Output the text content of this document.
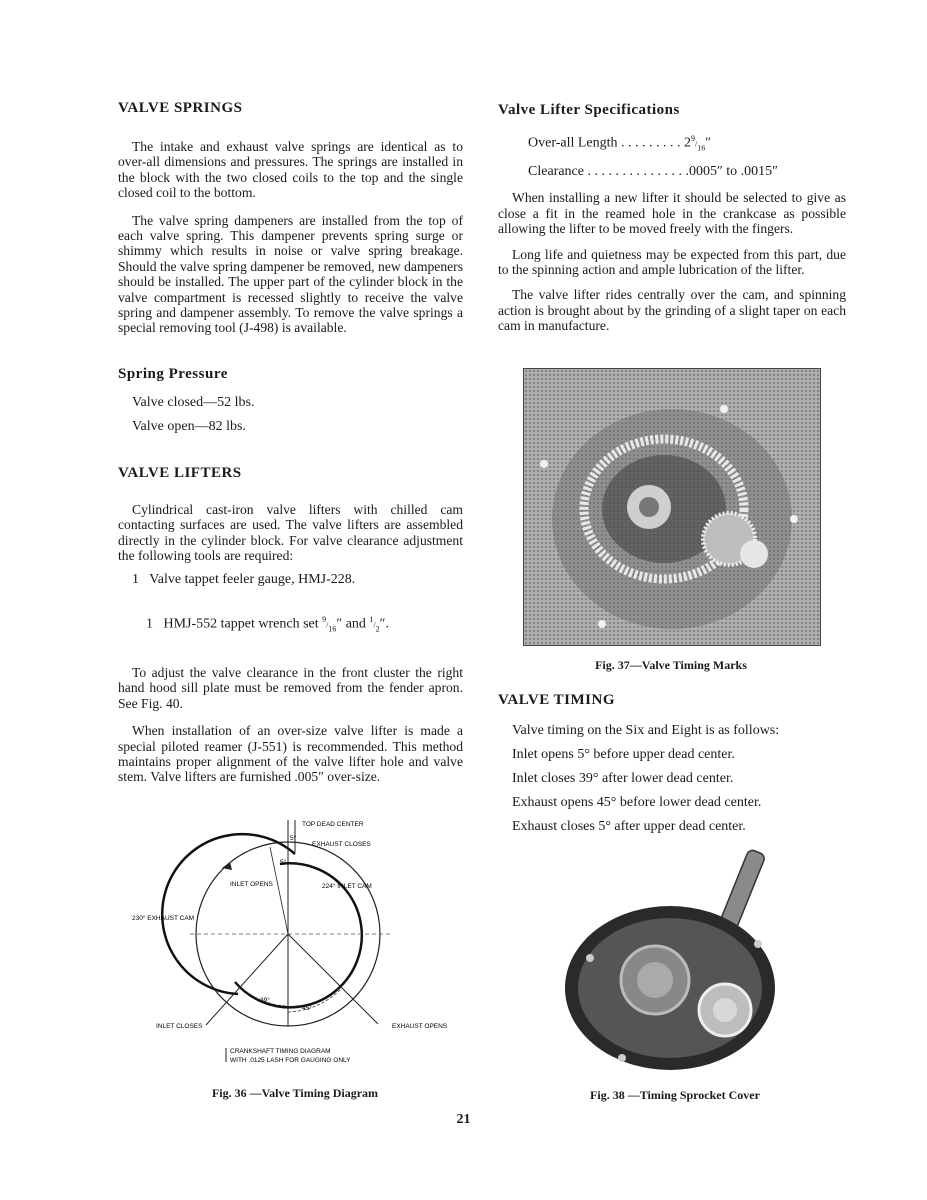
VALVE SPRINGS

The intake and exhaust valve springs are identical as to over-all dimensions and pressures. The springs are installed in the block with the two closed coils to the top and the single closed coil to the bottom.

The valve spring dampeners are installed from the top of each valve spring. This dampener prevents spring surge or shimmy which results in noise or valve spring breakage. Should the valve spring dampener be removed, new dampeners should be installed. The upper part of the cylinder block in the valve compartment is recessed slightly to receive the valve spring and dampener assembly. To remove the valve springs a special removing tool (J-498) is available.

Spring Pressure
Valve closed—52 lbs.
Valve open—82 lbs.
VALVE LIFTERS

Cylindrical cast-iron valve lifters with chilled cam contacting surfaces are used. The valve lifters are assembled directly in the cylinder block. For valve clearance adjustment the following tools are required:

1   Valve tappet feeler gauge, HMJ-228.

1   HMJ-552 tappet wrench set $^9/_{16}''$ and $^1/_2''$.

To adjust the valve clearance in the front cluster the right hand hood sill plate must be removed from the fender apron. See Fig. 40.

When installation of an over-size valve lifter is made a special piloted reamer (J-551) is recommended. This method maintains proper alignment of the valve lifter hole and valve stem. Valve lifters are furnished .005″ over-size.

TOP DEAD CENTER
5°
EXHAUST CLOSES
5°
INLET OPENS	224° INLET CAM
230° EXHAUST CAM
39°
45°
INLET CLOSES	EXHAUST OPENS
CRANKSHAFT TIMING DIAGRAM
WITH .0125 LASH FOR GAUGING ONLY
Fig. 36 —Valve Timing Diagram
Valve Lifter Specifications
Over-all Length . . . . . . . . . $2^9/_{16}''$
Clearance . . . . . . . . . . . . . . .0005″ to .0015″

When installing a new lifter it should be selected to give as close a fit in the reamed hole in the crankcase as possible allowing the lifter to be moved freely with the fingers.

Long life and quietness may be expected from this part, due to the spinning action and ample lubrication of the lifter.

The valve lifter rides centrally over the cam, and spinning action is brought about by the grinding of a slight taper on each cam in manufacture.

Fig. 37—Valve Timing Marks
VALVE TIMING
Valve timing on the Six and Eight is as follows:
Inlet opens 5° before upper dead center.
Inlet closes 39° after lower dead center.
Exhaust opens 45° before lower dead center.
Exhaust closes 5° after upper dead center.
Fig. 38 —Timing Sprocket Cover
21
